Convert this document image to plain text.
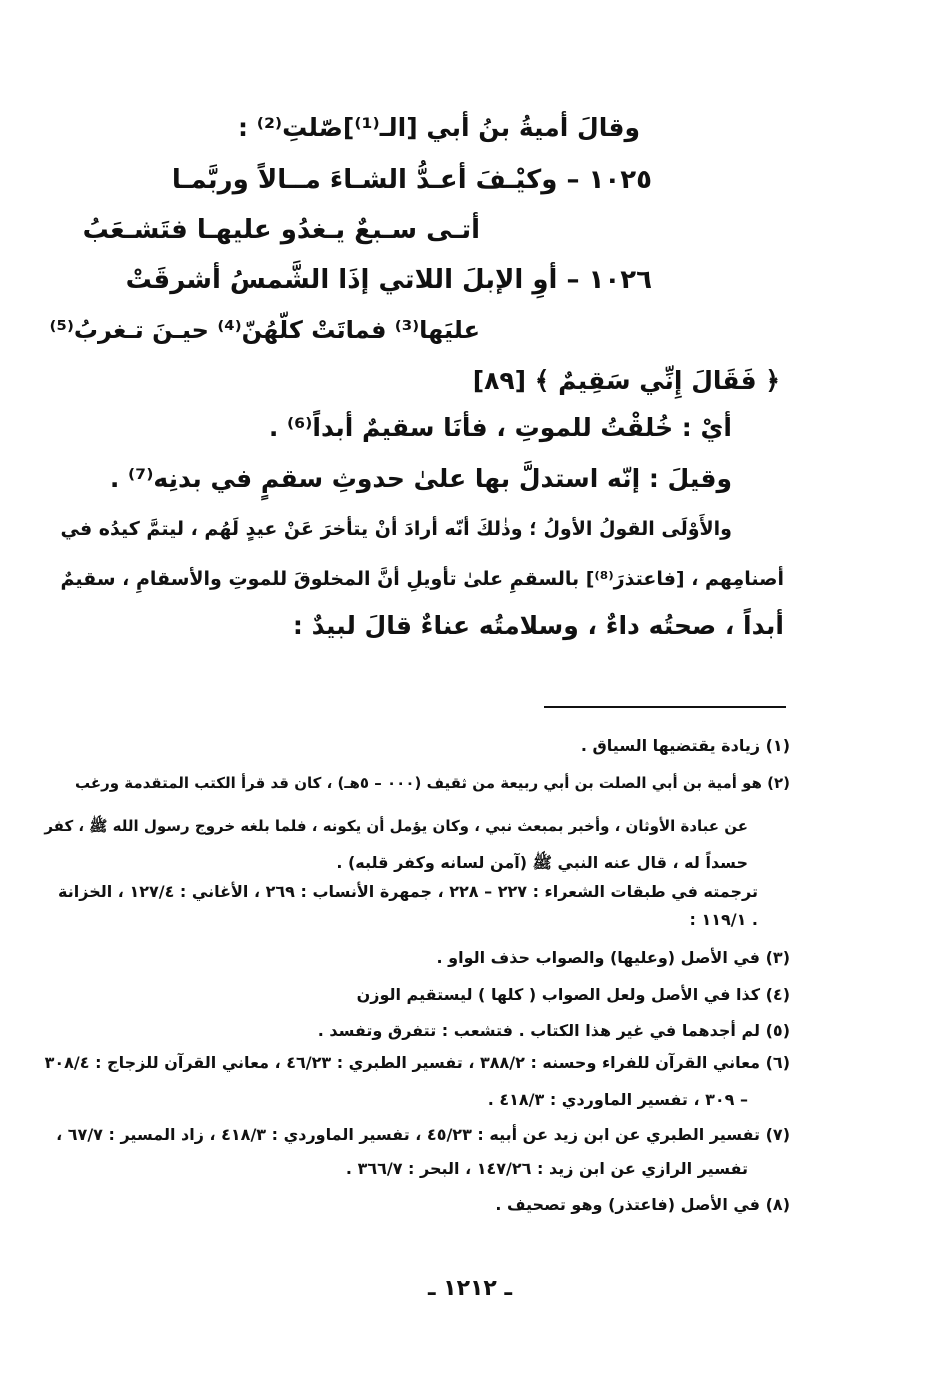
وقالَ أميةُ بنُ أبي [الـ⁽¹⁾]صّلتِ⁽²⁾ :
١٠٢٥ – وكيْـفَ أعـدُّ الشـاءَ مــالاً وربَّمـا
أتـى سـبعٌ يـغدُو عليهـا فتَشـعَبُ
١٠٢٦ – أوِ الإبلَ اللاتي إذَا الشَّمسُ أشرقَتْ
عليَها⁽³⁾ فماتَتْ كلّهُنّ⁽⁴⁾ حيـنَ تـغربُ⁽⁵⁾
﴿ فَقَالَ إِنِّي سَقِيمٌ ﴾ [٨٩]
أيْ : خُلقْتُ للموتِ ، فأنَا سقيمٌ أبداً⁽⁶⁾ .
وقيلَ : إنّه استدلَّ بها علىٰ حدوثِ سقمٍ في بدنِه⁽⁷⁾ .
والأَوْلَى القولُ الأولُ ؛ وذٰلكَ أنّه أرادَ أنْ يتأخرَ عَنْ عيدٍ لَهُم ، ليتمَّ كيدُه في
أصنامِهم ، [فاعتذرَ⁽⁸⁾] بالسقمِ علىٰ تأويلِ أنَّ المخلوقَ للموتِ والأسقامِ ، سقيمٌ
أبداً ، صحتُه داءٌ ، وسلامتُه عناءٌ قالَ لبيدٌ :
(١) زيادة يقتضيها السياق .
(٢) هو أمية بن أبي الصلت بن أبي ربيعة من ثقيف (٠٠٠ – ٥هـ) ، كان قد قرأ الكتب المتقدمة ورغب
عن عبادة الأوثان ، وأخبر بمبعث نبي ، وكان يؤمل أن يكونه ، فلما بلغه خروج رسول الله ﷺ ، كفر
حسداً له ، قال عنه النبي ﷺ (آمن لسانه وكفر قلبه) .
ترجمته في طبقات الشعراء : ٢٢٧ – ٢٢٨ ، جمهرة الأنساب : ٢٦٩ ، الأغاني : ١٢٧/٤ ، الخزانة
: ١١٩/١ .
(٣) في الأصل (وعليها) والصواب حذف الواو .
(٤) كذا في الأصل ولعل الصواب ( كلها ) ليستقيم الوزن
(٥) لم أجدهما في غير هذا الكتاب . فتشعب : تتفرق وتفسد .
(٦) معاني القرآن للفراء وحسنه : ٣٨٨/٢ ، تفسير الطبري : ٤٦/٢٣ ، معاني القرآن للزجاج : ٣٠٨/٤
– ٣٠٩ ، تفسير الماوردي : ٤١٨/٣ .
(٧) تفسير الطبري عن ابن زيد عن أبيه : ٤٥/٢٣ ، تفسير الماوردي : ٤١٨/٣ ، زاد المسير : ٦٧/٧ ،
تفسير الرازي عن ابن زيد : ١٤٧/٢٦ ، البحر : ٣٦٦/٧ .
(٨) في الأصل (فاعتذر) وهو تصحيف .
ـ ١٢١٢ ـ
